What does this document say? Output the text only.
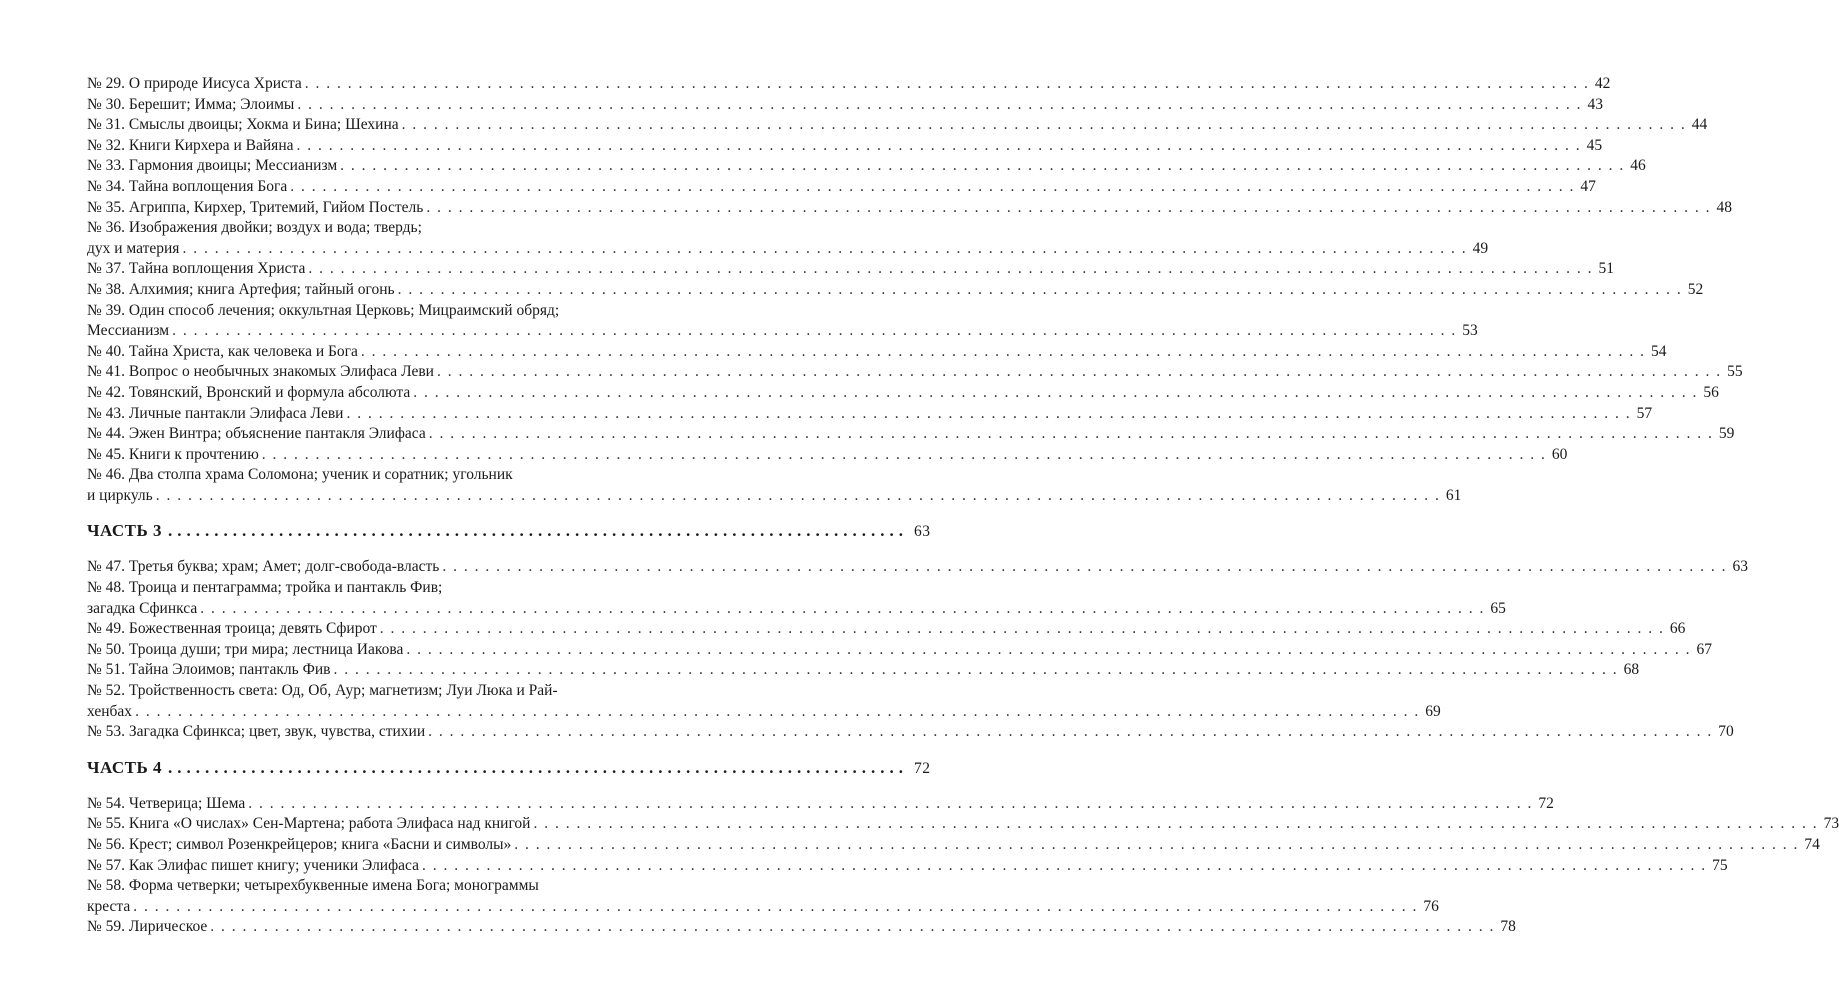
№ 29. О природе Иисуса Христа . . . . . . . . . . . . . . . . . . . . . . . . . . . . . . . . . . . . . . . . . . . . . . . . . . . . . . . . . . . . . . . . . . . . . . . . . . . . . . . . . . . . . . . . . . . . . . . . . . . . . . . . . . . . . . . . . . . . . . . . 42
№ 30. Берешит; Имма; Элоимы . . . . . . . . . . . . . . . . . . . . . . . . . . . . . . . . . . . . . . . . . . . . . . . . . . . . . . . . . . . . . . . . . . . . . . . . . . . . . . . . . . . . . . . . . . . . . . . . . . . . . . . . . . . . . . . . . . . . . . . . 43
№ 31. Смыслы двоицы; Хокма и Бина; Шехина . . . . . . . . . . . . . . . . . . . . . . . . . . . . . . . . . . . . . . . . . . . . . . . . . . . . . . . . . . . . . . . . . . . . . . . . . . . . . . . . . . . . . . . . . . . . . . . . . . . . . . . . . . . . . . . . . . . . . . . . 44
№ 32. Книги Кирхера и Вайяна . . . . . . . . . . . . . . . . . . . . . . . . . . . . . . . . . . . . . . . . . . . . . . . . . . . . . . . . . . . . . . . . . . . . . . . . . . . . . . . . . . . . . . . . . . . . . . . . . . . . . . . . . . . . . . . . . . . . . . . . 45
№ 33. Гармония двоицы; Мессианизм . . . . . . . . . . . . . . . . . . . . . . . . . . . . . . . . . . . . . . . . . . . . . . . . . . . . . . . . . . . . . . . . . . . . . . . . . . . . . . . . . . . . . . . . . . . . . . . . . . . . . . . . . . . . . . . . . . . . . . . . 46
№ 34. Тайна воплощения Бога . . . . . . . . . . . . . . . . . . . . . . . . . . . . . . . . . . . . . . . . . . . . . . . . . . . . . . . . . . . . . . . . . . . . . . . . . . . . . . . . . . . . . . . . . . . . . . . . . . . . . . . . . . . . . . . . . . . . . . . . 47
№ 35. Агриппа, Кирхер, Тритемий, Гийом Постель . . . . . . . . . . . . . . . . . . . . . . . . . . . . . . . . . . . . . . . . . . . . . . . . . . . . . . . . . . . . . . . . . . . . . . . . . . . . . . . . . . . . . . . . . . . . . . . . . . . . . . . . . . . . . . . . . . . . . . . . 48
№ 36. Изображения двойки; воздух и вода; твердь;
дух и материя . . . . . . . . . . . . . . . . . . . . . . . . . . . . . . . . . . . . . . . . . . . . . . . . . . . . . . . . . . . . . . . . . . . . . . . . . . . . . . . . . . . . . . . . . . . . . . . . . . . . . . . . . . . . . . . . . . . . . . . . 49
№ 37. Тайна воплощения Христа . . . . . . . . . . . . . . . . . . . . . . . . . . . . . . . . . . . . . . . . . . . . . . . . . . . . . . . . . . . . . . . . . . . . . . . . . . . . . . . . . . . . . . . . . . . . . . . . . . . . . . . . . . . . . . . . . . . . . . . . 51
№ 38. Алхимия; книга Артефия; тайный огонь . . . . . . . . . . . . . . . . . . . . . . . . . . . . . . . . . . . . . . . . . . . . . . . . . . . . . . . . . . . . . . . . . . . . . . . . . . . . . . . . . . . . . . . . . . . . . . . . . . . . . . . . . . . . . . . . . . . . . . . . 52
№ 39. Один способ лечения; оккультная Церковь; Мицраимский обряд;
Мессианизм . . . . . . . . . . . . . . . . . . . . . . . . . . . . . . . . . . . . . . . . . . . . . . . . . . . . . . . . . . . . . . . . . . . . . . . . . . . . . . . . . . . . . . . . . . . . . . . . . . . . . . . . . . . . . . . . . . . . . . . . 53
№ 40. Тайна Христа, как человека и Бога . . . . . . . . . . . . . . . . . . . . . . . . . . . . . . . . . . . . . . . . . . . . . . . . . . . . . . . . . . . . . . . . . . . . . . . . . . . . . . . . . . . . . . . . . . . . . . . . . . . . . . . . . . . . . . . . . . . . . . . . 54
№ 41. Вопрос о необычных знакомых Элифаса Леви . . . . . . . . . . . . . . . . . . . . . . . . . . . . . . . . . . . . . . . . . . . . . . . . . . . . . . . . . . . . . . . . . . . . . . . . . . . . . . . . . . . . . . . . . . . . . . . . . . . . . . . . . . . . . . . . . . . . . . . . 55
№ 42. Товянский, Вронский и формула абсолюта . . . . . . . . . . . . . . . . . . . . . . . . . . . . . . . . . . . . . . . . . . . . . . . . . . . . . . . . . . . . . . . . . . . . . . . . . . . . . . . . . . . . . . . . . . . . . . . . . . . . . . . . . . . . . . . . . . . . . . . . 56
№ 43. Личные пантакли Элифаса Леви . . . . . . . . . . . . . . . . . . . . . . . . . . . . . . . . . . . . . . . . . . . . . . . . . . . . . . . . . . . . . . . . . . . . . . . . . . . . . . . . . . . . . . . . . . . . . . . . . . . . . . . . . . . . . . . . . . . . . . . . 57
№ 44. Эжен Винтра; объяснение пантакля Элифаса . . . . . . . . . . . . . . . . . . . . . . . . . . . . . . . . . . . . . . . . . . . . . . . . . . . . . . . . . . . . . . . . . . . . . . . . . . . . . . . . . . . . . . . . . . . . . . . . . . . . . . . . . . . . . . . . . . . . . . . . 59
№ 45. Книги к прочтению . . . . . . . . . . . . . . . . . . . . . . . . . . . . . . . . . . . . . . . . . . . . . . . . . . . . . . . . . . . . . . . . . . . . . . . . . . . . . . . . . . . . . . . . . . . . . . . . . . . . . . . . . . . . . . . . . . . . . . . . 60
№ 46. Два столпа храма Соломона; ученик и соратник; угольник
и циркуль . . . . . . . . . . . . . . . . . . . . . . . . . . . . . . . . . . . . . . . . . . . . . . . . . . . . . . . . . . . . . . . . . . . . . . . . . . . . . . . . . . . . . . . . . . . . . . . . . . . . . . . . . . . . . . . . . . . . . . . . 61
ЧАСТЬ 3 ................................................................................ 63
№ 47. Третья буква; храм; Амет; долг-свобода-власть . . . . . . . . . . . . . . . . . . . . . . . . . . . . . . . . . . . . . . . . . . . . . . . . . . . . . . . . . . . . . . . . . . . . . . . . . . . . . . . . . . . . . . . . . . . . . . . . . . . . . . . . . . . . . . . . . . . . . . . . 63
№ 48. Троица и пентаграмма; тройка и пантакль Фив;
загадка Сфинкса . . . . . . . . . . . . . . . . . . . . . . . . . . . . . . . . . . . . . . . . . . . . . . . . . . . . . . . . . . . . . . . . . . . . . . . . . . . . . . . . . . . . . . . . . . . . . . . . . . . . . . . . . . . . . . . . . . . . . . . . 65
№ 49. Божественная троица; девять Сфирот . . . . . . . . . . . . . . . . . . . . . . . . . . . . . . . . . . . . . . . . . . . . . . . . . . . . . . . . . . . . . . . . . . . . . . . . . . . . . . . . . . . . . . . . . . . . . . . . . . . . . . . . . . . . . . . . . . . . . . . . 66
№ 50. Троица души; три мира; лестница Иакова . . . . . . . . . . . . . . . . . . . . . . . . . . . . . . . . . . . . . . . . . . . . . . . . . . . . . . . . . . . . . . . . . . . . . . . . . . . . . . . . . . . . . . . . . . . . . . . . . . . . . . . . . . . . . . . . . . . . . . . . 67
№ 51. Тайна Элоимов; пантакль Фив . . . . . . . . . . . . . . . . . . . . . . . . . . . . . . . . . . . . . . . . . . . . . . . . . . . . . . . . . . . . . . . . . . . . . . . . . . . . . . . . . . . . . . . . . . . . . . . . . . . . . . . . . . . . . . . . . . . . . . . . 68
№ 52. Тройственность света: Од, Об, Аур; магнетизм; Луи Люка и Рай-
хенбах . . . . . . . . . . . . . . . . . . . . . . . . . . . . . . . . . . . . . . . . . . . . . . . . . . . . . . . . . . . . . . . . . . . . . . . . . . . . . . . . . . . . . . . . . . . . . . . . . . . . . . . . . . . . . . . . . . . . . . . . 69
№ 53. Загадка Сфинкса; цвет, звук, чувства, стихии . . . . . . . . . . . . . . . . . . . . . . . . . . . . . . . . . . . . . . . . . . . . . . . . . . . . . . . . . . . . . . . . . . . . . . . . . . . . . . . . . . . . . . . . . . . . . . . . . . . . . . . . . . . . . . . . . . . . . . . . 70
ЧАСТЬ 4 ................................................................................ 72
№ 54. Четверица; Шема . . . . . . . . . . . . . . . . . . . . . . . . . . . . . . . . . . . . . . . . . . . . . . . . . . . . . . . . . . . . . . . . . . . . . . . . . . . . . . . . . . . . . . . . . . . . . . . . . . . . . . . . . . . . . . . . . . . . . . . . 72
№ 55. Книга «О числах» Сен-Мартена; работа Элифаса над книгой . . . . . . . . . . . . . . . . . . . . . . . . . . . . . . . . . . . . . . . . . . . . . . . . . . . . . . . . . . . . . . . . . . . . . . . . . . . . . . . . . . . . . . . . . . . . . . . . . . . . . . . . . . . . . . . . . . . . . . . . 73
№ 56. Крест; символ Розенкрейцеров; книга «Басни и символы» . . . . . . . . . . . . . . . . . . . . . . . . . . . . . . . . . . . . . . . . . . . . . . . . . . . . . . . . . . . . . . . . . . . . . . . . . . . . . . . . . . . . . . . . . . . . . . . . . . . . . . . . . . . . . . . . . . . . . . . . 74
№ 57. Как Элифас пишет книгу; ученики Элифаса . . . . . . . . . . . . . . . . . . . . . . . . . . . . . . . . . . . . . . . . . . . . . . . . . . . . . . . . . . . . . . . . . . . . . . . . . . . . . . . . . . . . . . . . . . . . . . . . . . . . . . . . . . . . . . . . . . . . . . . . 75
№ 58. Форма четверки; четырехбуквенные имена Бога; монограммы
креста . . . . . . . . . . . . . . . . . . . . . . . . . . . . . . . . . . . . . . . . . . . . . . . . . . . . . . . . . . . . . . . . . . . . . . . . . . . . . . . . . . . . . . . . . . . . . . . . . . . . . . . . . . . . . . . . . . . . . . . . 76
№ 59. Лирическое . . . . . . . . . . . . . . . . . . . . . . . . . . . . . . . . . . . . . . . . . . . . . . . . . . . . . . . . . . . . . . . . . . . . . . . . . . . . . . . . . . . . . . . . . . . . . . . . . . . . . . . . . . . . . . . . . . . . . . . . 78
